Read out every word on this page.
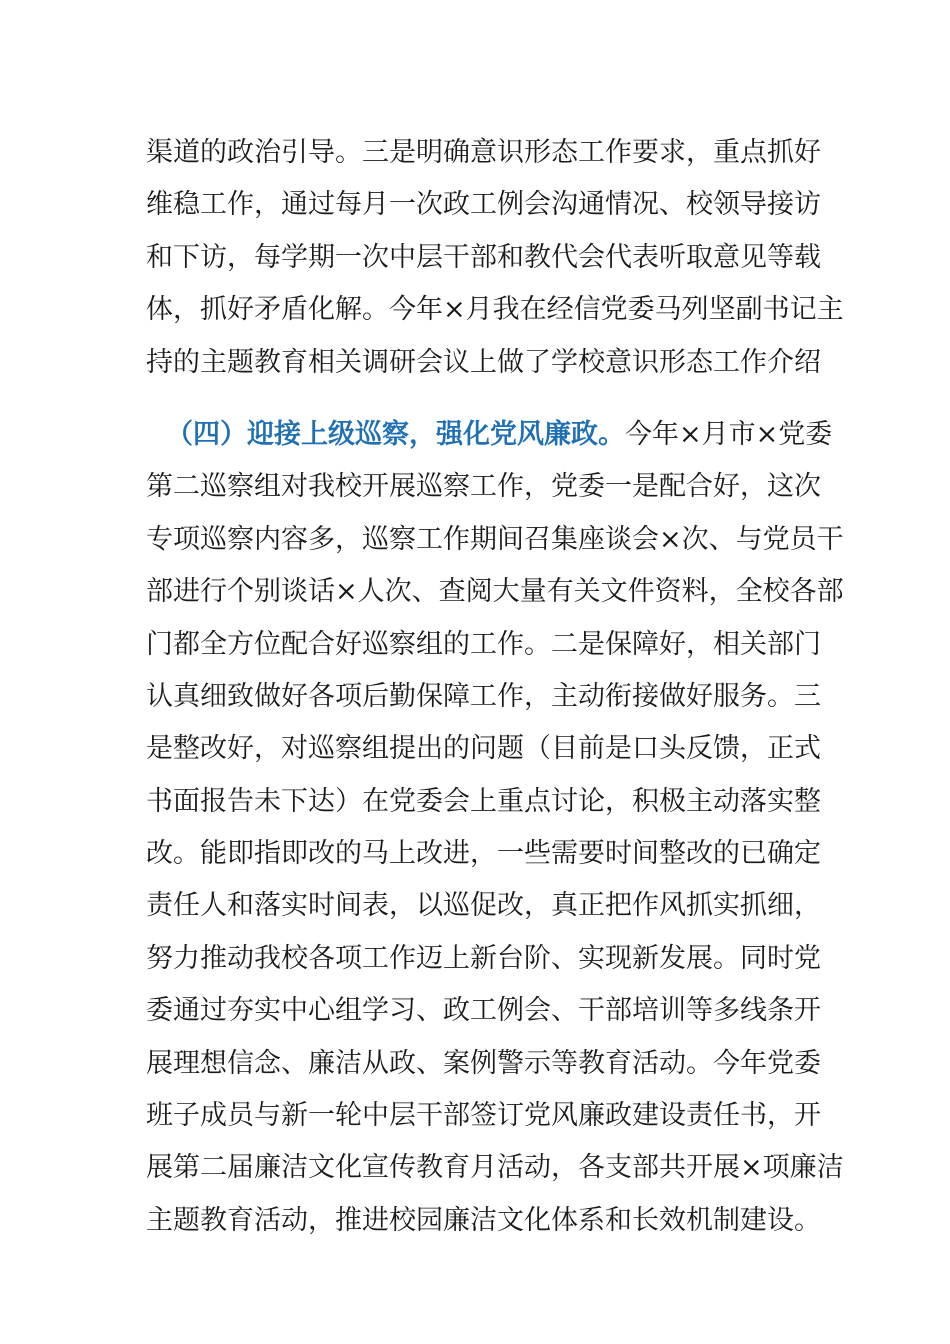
渠道的政治引导。三是明确意识形态工作要求，重点抓好
维稳工作，通过每月一次政工例会沟通情况、校领导接访
和下访，每学期一次中层干部和教代会代表听取意见等载
体，抓好矛盾化解。今年×月我在经信党委马列坚副书记主
持的主题教育相关调研会议上做了学校意识形态工作介绍
（四）迎接上级巡察，强化党风廉政。今年×月市×党委
第二巡察组对我校开展巡察工作，党委一是配合好，这次
专项巡察内容多，巡察工作期间召集座谈会×次、与党员干
部进行个别谈话×人次、查阅大量有关文件资料，全校各部
门都全方位配合好巡察组的工作。二是保障好，相关部门
认真细致做好各项后勤保障工作，主动衔接做好服务。三
是整改好，对巡察组提出的问题（目前是口头反馈，正式
书面报告未下达）在党委会上重点讨论，积极主动落实整
改。能即指即改的马上改进，一些需要时间整改的已确定
责任人和落实时间表，以巡促改，真正把作风抓实抓细，
努力推动我校各项工作迈上新台阶、实现新发展。同时党
委通过夯实中心组学习、政工例会、干部培训等多线条开
展理想信念、廉洁从政、案例警示等教育活动。今年党委
班子成员与新一轮中层干部签订党风廉政建设责任书，开
展第二届廉洁文化宣传教育月活动，各支部共开展×项廉洁
主题教育活动，推进校园廉洁文化体系和长效机制建设。
